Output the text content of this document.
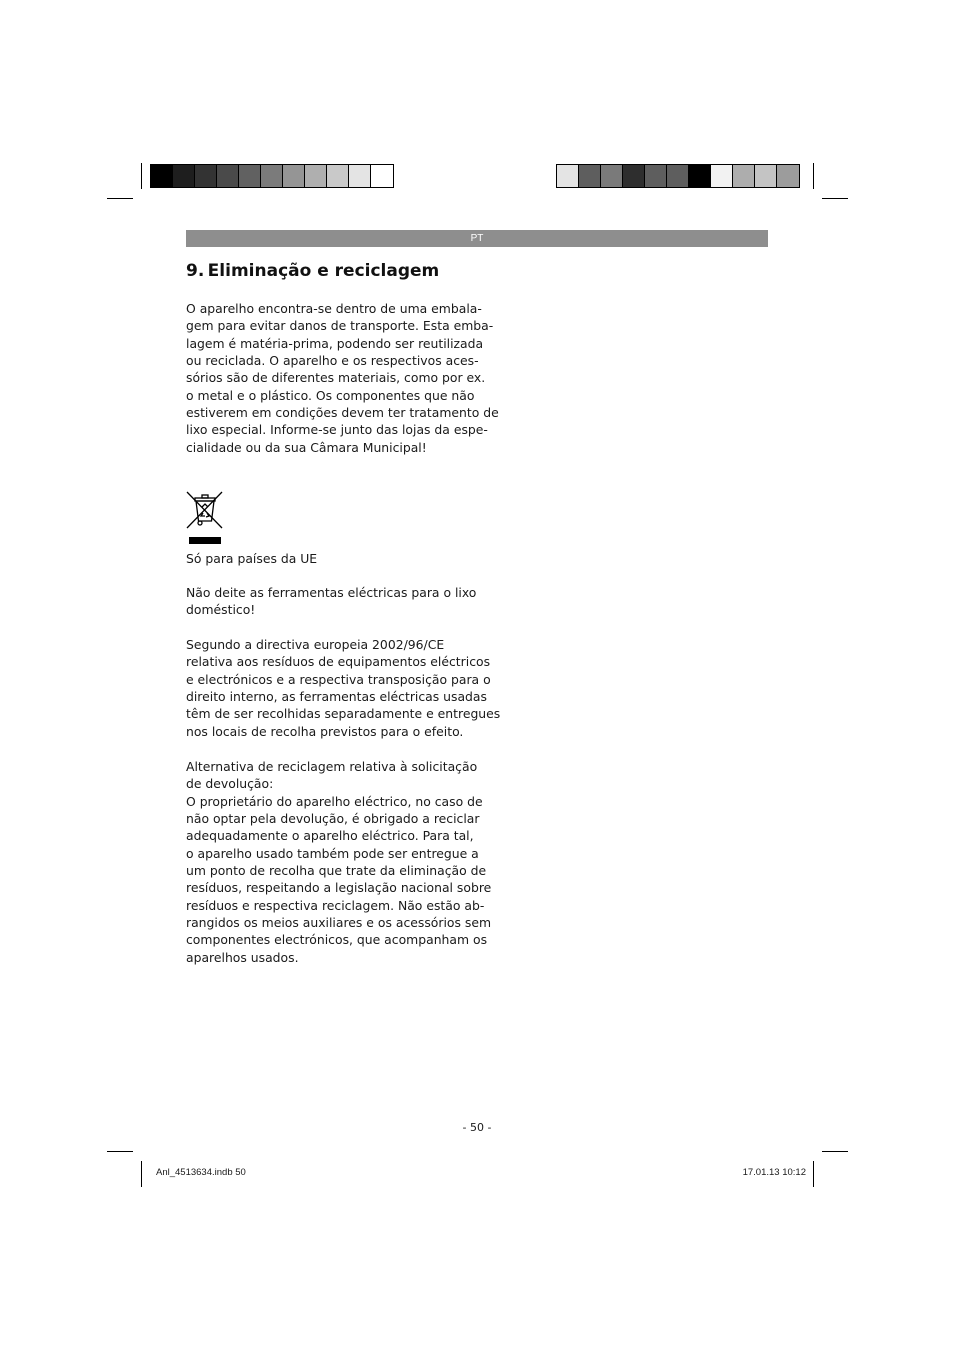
PT
9. Eliminação e reciclagem
O aparelho encontra-se dentro de uma embala-
gem para evitar danos de transporte. Esta emba-
lagem é matéria-prima, podendo ser reutilizada
ou reciclada. O aparelho e os respectivos aces-
sórios são de diferentes materiais, como por ex.
o metal e o plástico. Os componentes que não
estiverem em condições devem ter tratamento de
lixo especial. Informe-se junto das lojas da espe-
cialidade ou da sua Câmara Municipal!
Só para países da UE
Não deite as ferramentas eléctricas para o lixo
doméstico!
Segundo a directiva europeia 2002/96/CE
relativa aos resíduos de equipamentos eléctricos
e electrónicos e a respectiva transposição para o
direito interno, as ferramentas eléctricas usadas
têm de ser recolhidas separadamente e entregues
nos locais de recolha previstos para o efeito.
Alternativa de reciclagem relativa à solicitação
de devolução:
O proprietário do aparelho eléctrico, no caso de
não optar pela devolução, é obrigado a reciclar
adequadamente o aparelho eléctrico. Para tal,
o aparelho usado também pode ser entregue a
um ponto de recolha que trate da eliminação de
resíduos, respeitando a legislação nacional sobre
resíduos e respectiva reciclagem. Não estão ab-
rangidos os meios auxiliares e os acessórios sem
componentes electrónicos, que acompanham os
aparelhos usados.
- 50 -
Anl_4513634.indb 50	17.01.13 10:12
